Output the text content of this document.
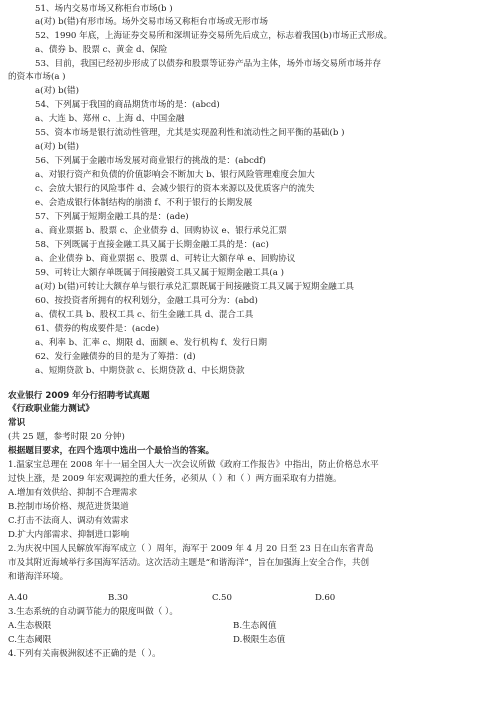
51、场内交易市场又称柜台市场(b )
a(对) b(错)有形市场。场外交易市场又称柜台市场或无形市场
52、1990 年底，上海证券交易所和深圳证券交易所先后成立，标志着我国(b)市场正式形成。
a、债券 b、股票 c、黄金 d、保险
53、目前，我国已经初步形成了以债券和股票等证券产品为主体，场外市场交易所市场并存
的资本市场(a )
a(对) b(错)
54、下列属于我国的商品期货市场的是：(abcd)
a、大连 b、郑州 c、上海 d、中国金融
55、资本市场是银行流动性管理，尤其是实现盈利性和流动性之间平衡的基础(b )
a(对) b(错)
56、下列属于金融市场发展对商业银行的挑战的是：(abcdf)
a、对银行资产和负债的价值影响会不断加大 b、银行风险管理难度会加大
c、会放大银行的风险事件 d、会减少银行的资本来源以及优质客户的流失
e、会造成银行体制结构的崩溃 f、不利于银行的长期发展
57、下列属于短期金融工具的是：(ade)
a、商业票据 b、股票 c、企业债券 d、回购协议 e、银行承兑汇票
58、下列既属于直接金融工具又属于长期金融工具的是：(ac)
a、企业债券 b、商业票据 c、股票 d、可转让大额存单 e、回购协议
59、可转让大额存单既属于间接融资工具又属于短期金融工具(a )
a(对) b(错)可转让大额存单与银行承兑汇票既属于间接融资工具又属于短期金融工具
60、按投资者所拥有的权利划分，金融工具可分为：(abd)
a、债权工具 b、股权工具 c、衍生金融工具 d、混合工具
61、债券的构成要件是：(acde)
a、利率 b、汇率 c、期限 d、面额 e、发行机构 f、发行日期
62、发行金融债券的目的是为了筹措：(d)
a、短期贷款 b、中期贷款 c、长期贷款 d、中长期贷款
农业银行 2009 年分行招聘考试真题
《行政职业能力测试》
常识
(共 25 题，参考时限 20 分钟)
根据题目要求，在四个选项中选出一个最恰当的答案。
1.温家宝总理在 2008 年十一届全国人大一次会议所做《政府工作报告》中指出，防止价格总水平
过快上涨，是 2009 年宏观调控的重大任务，必须从（ ）和（ ）两方面采取有力措施。
A.增加有效供给、抑制不合理需求
B.控制市场价格、规范进货渠道
C.打击不法商人、调动有效需求
D.扩大内部需求、抑制进口影响
2.为庆祝中国人民解放军海军成立（ ）周年，海军于 2009 年 4 月 20 日至 23 日在山东省青岛
市及其附近海域举行多国海军活动。这次活动主题是“和谐海洋”，旨在加强海上安全合作，共创
和谐海洋环境。
A.40	B.30	C.50	D.60
3.生态系统的自动调节能力的限度叫做（ ）。
A.生态极限	B.生态阀值
C.生态阈限	D.极限生态值
4.下列有关南极洲叙述不正确的是（ ）。
